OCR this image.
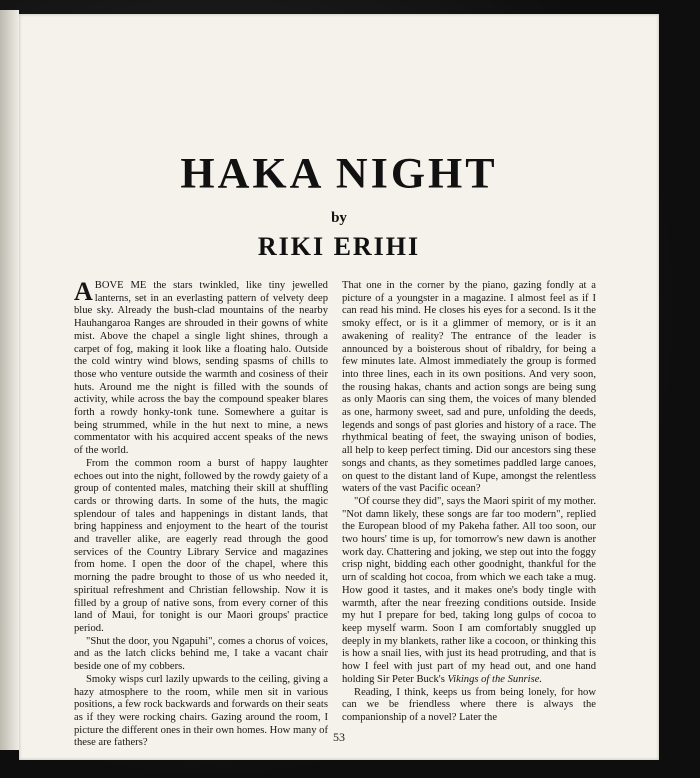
HAKA NIGHT
by
RIKI ERIHI

ABOVE ME the stars twinkled, like tiny jewelled lanterns, set in an everlasting pattern of velvety deep blue sky. Already the bush-clad mountains of the nearby Hauhangaroa Ranges are shrouded in their gowns of white mist. Above the chapel a single light shines, through a carpet of fog, making it look like a floating halo. Outside the cold wintry wind blows, sending spasms of chills to those who venture outside the warmth and cosiness of their huts. Around me the night is filled with the sounds of activity, while across the bay the compound speaker blares forth a rowdy honky-tonk tune. Somewhere a guitar is being strummed, while in the hut next to mine, a news commentator with his acquired accent speaks of the news of the world.

From the common room a burst of happy laughter echoes out into the night, followed by the rowdy gaiety of a group of contented males, matching their skill at shuffling cards or throwing darts. In some of the huts, the magic splendour of tales and happenings in distant lands, that bring happiness and enjoyment to the heart of the tourist and traveller alike, are eagerly read through the good services of the Country Library Service and magazines from home. I open the door of the chapel, where this morning the padre brought to those of us who needed it, spiritual refreshment and Christian fellowship. Now it is filled by a group of native sons, from every corner of this land of Maui, for tonight is our Maori groups' practice period.

"Shut the door, you Ngapuhi", comes a chorus of voices, and as the latch clicks behind me, I take a vacant chair beside one of my cobbers.

Smoky wisps curl lazily upwards to the ceiling, giving a hazy atmosphere to the room, while men sit in various positions, a few rock backwards and forwards on their seats as if they were rocking chairs. Gazing around the room, I picture the different ones in their own homes. How many of these are fathers?

That one in the corner by the piano, gazing fondly at a picture of a youngster in a magazine. I almost feel as if I can read his mind. He closes his eyes for a second. Is it the smoky effect, or is it a glimmer of memory, or is it an awakening of reality? The entrance of the leader is announced by a boisterous shout of ribaldry, for being a few minutes late. Almost immediately the group is formed into three lines, each in its own positions. And very soon, the rousing hakas, chants and action songs are being sung as only Maoris can sing them, the voices of many blended as one, harmony sweet, sad and pure, unfolding the deeds, legends and songs of past glories and history of a race. The rhythmical beating of feet, the swaying unison of bodies, all help to keep perfect timing. Did our ancestors sing these songs and chants, as they sometimes paddled large canoes, on quest to the distant land of Kupe, amongst the relentless waters of the vast Pacific ocean?

"Of course they did", says the Maori spirit of my mother. "Not damn likely, these songs are far too modern", replied the European blood of my Pakeha father. All too soon, our two hours' time is up, for tomorrow's new dawn is another work day. Chattering and joking, we step out into the foggy crisp night, bidding each other goodnight, thankful for the urn of scalding hot cocoa, from which we each take a mug. How good it tastes, and it makes one's body tingle with warmth, after the near freezing conditions outside. Inside my hut I prepare for bed, taking long gulps of cocoa to keep myself warm. Soon I am comfortably snuggled up deeply in my blankets, rather like a cocoon, or thinking this is how a snail lies, with just its head protruding, and that is how I feel with just part of my head out, and one hand holding Sir Peter Buck's Vikings of the Sunrise.

Reading, I think, keeps us from being lonely, for how can we be friendless where there is always the companionship of a novel? Later the

53
